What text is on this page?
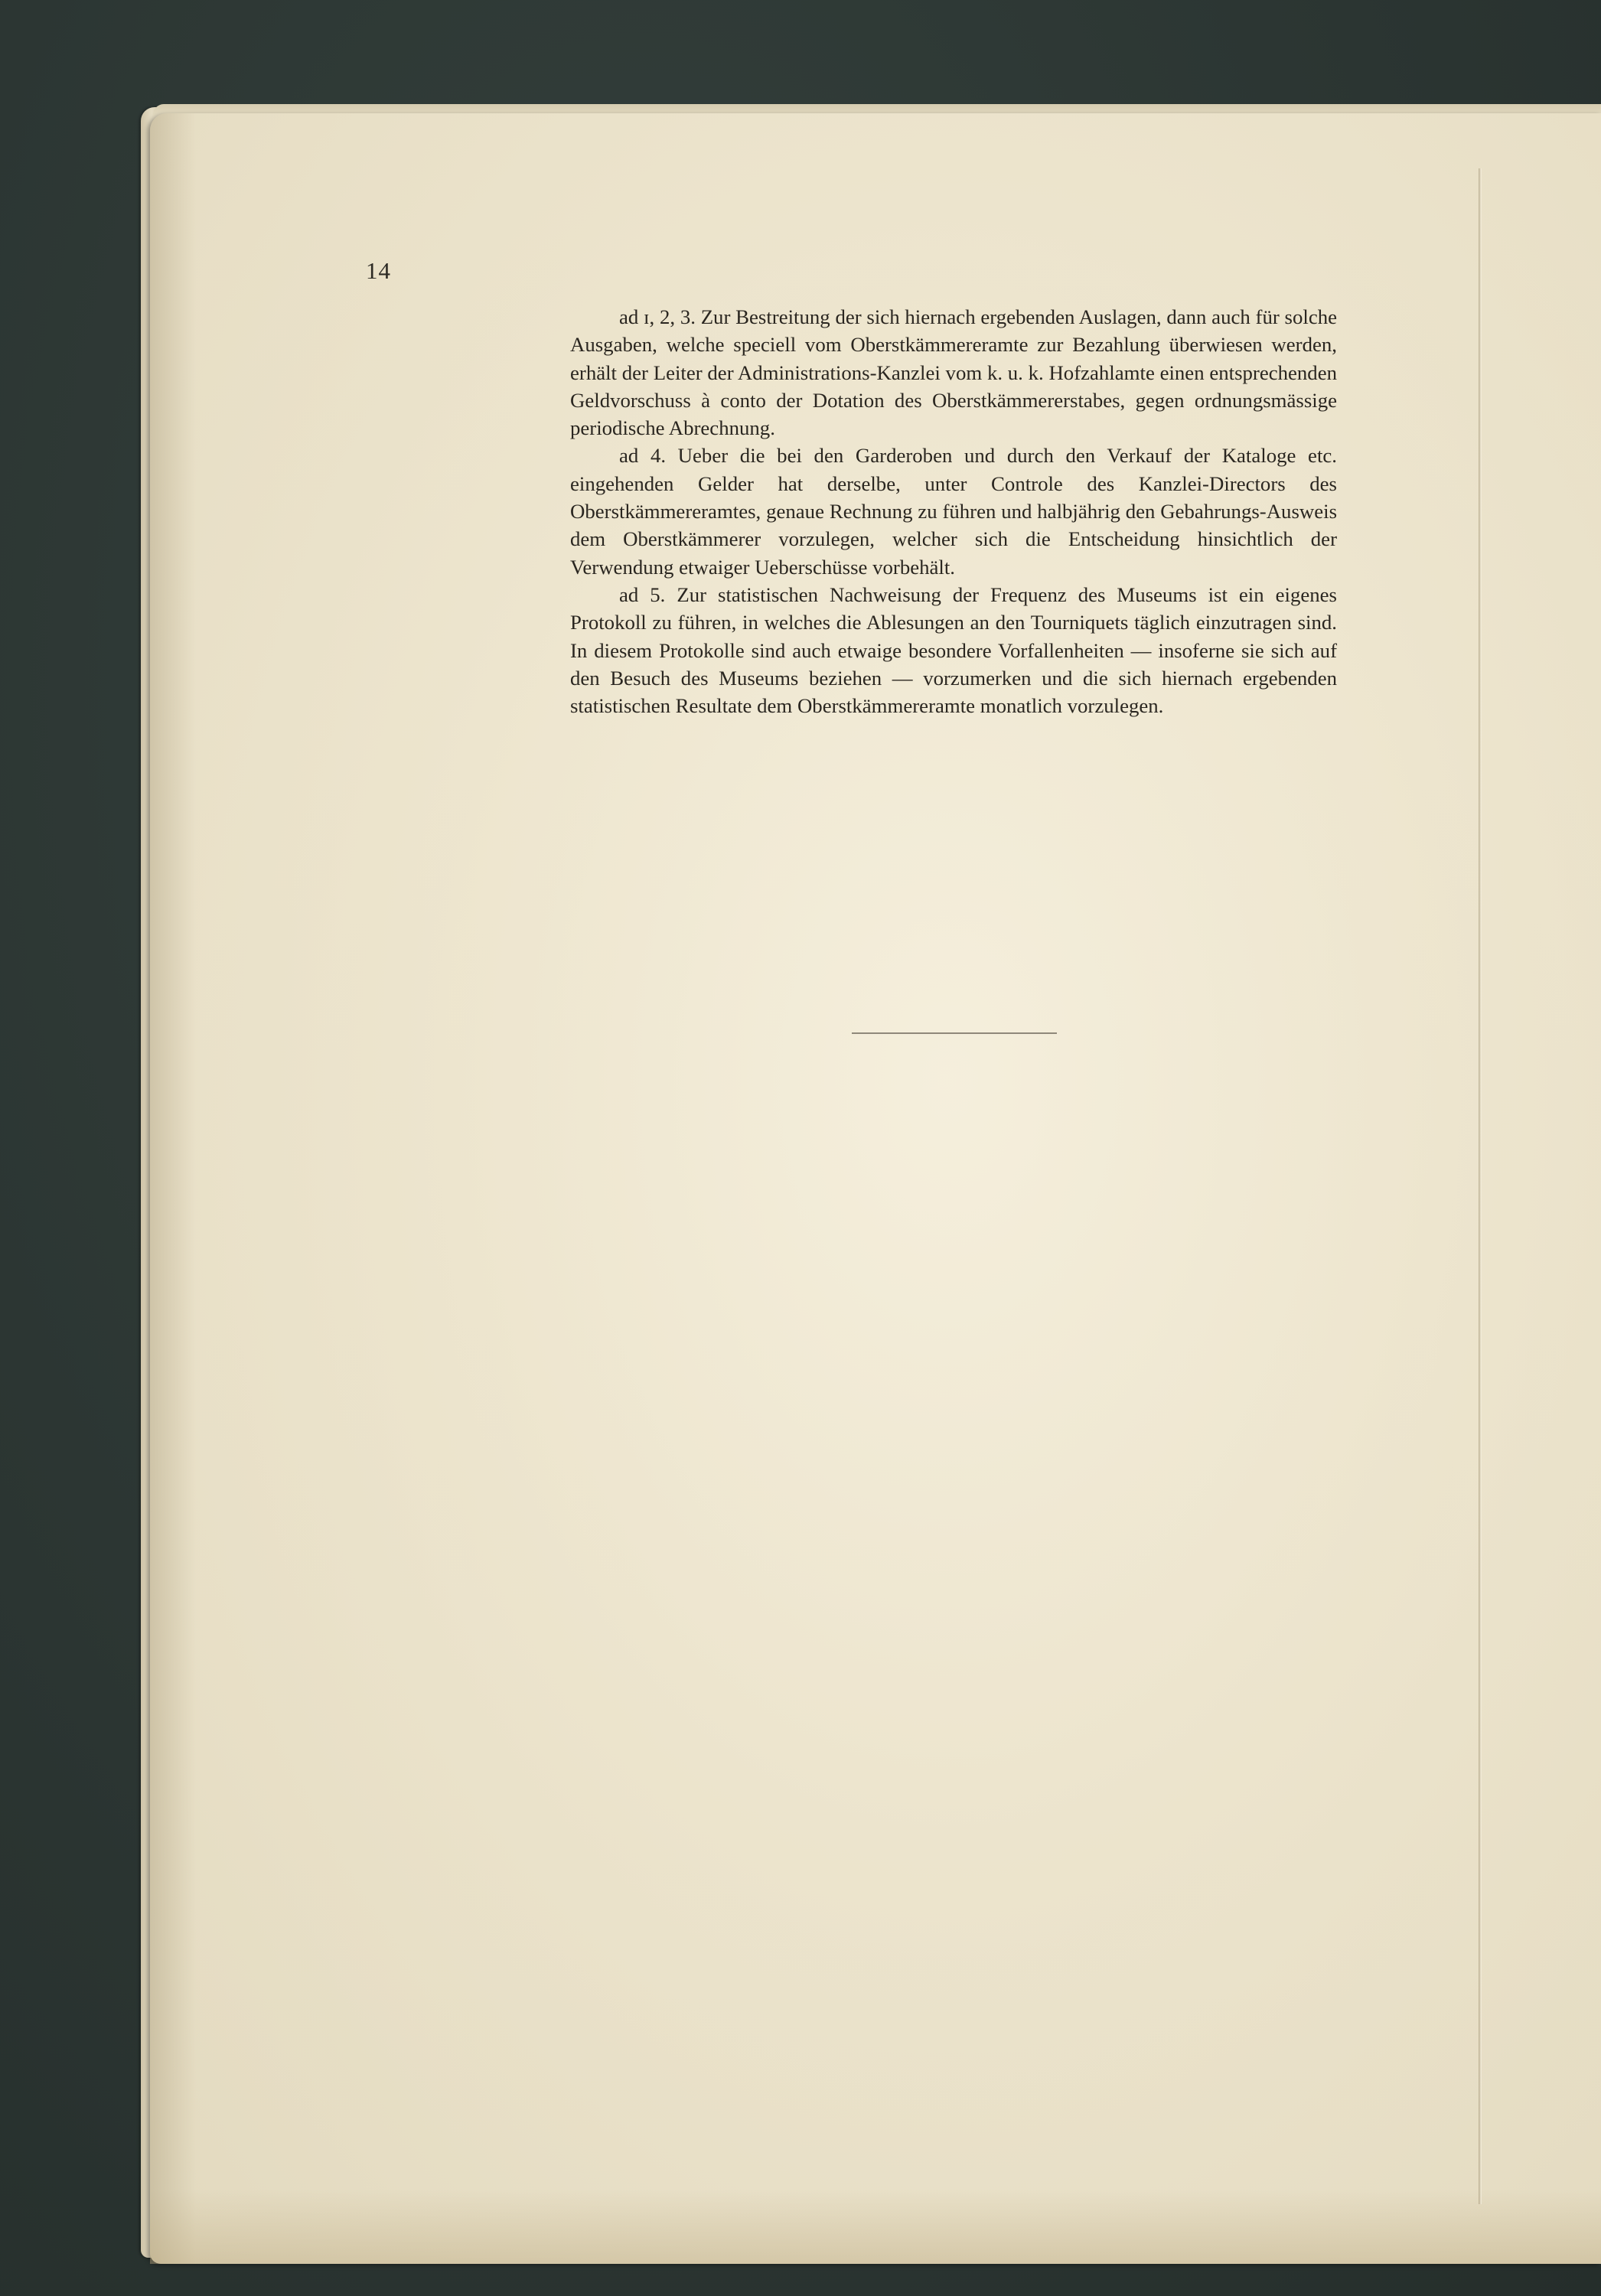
14

ad ɪ, 2, 3. Zur Bestreitung der sich hiernach ergebenden Auslagen, dann auch für solche Ausgaben, welche speciell vom Oberstkämmereramte zur Bezahlung überwiesen werden, erhält der Leiter der Administrations-Kanzlei vom k. u. k. Hofzahlamte einen entsprechenden Geldvorschuss à conto der Dotation des Oberstkämmererstabes, gegen ordnungsmässige periodische Abrechnung.

ad 4. Ueber die bei den Garderoben und durch den Verkauf der Kataloge etc. eingehenden Gelder hat derselbe, unter Controle des Kanzlei-Directors des Oberstkämmereramtes, genaue Rechnung zu führen und halbjährig den Gebahrungs-Ausweis dem Oberstkämmerer vorzulegen, welcher sich die Entscheidung hinsichtlich der Verwendung etwaiger Ueberschüsse vorbehält.

ad 5. Zur statistischen Nachweisung der Frequenz des Museums ist ein eigenes Protokoll zu führen, in welches die Ablesungen an den Tourniquets täglich einzutragen sind. In diesem Protokolle sind auch etwaige besondere Vorfallenheiten — insoferne sie sich auf den Besuch des Museums beziehen — vorzumerken und die sich hiernach ergebenden statistischen Resultate dem Oberstkämmereramte monatlich vorzulegen.
